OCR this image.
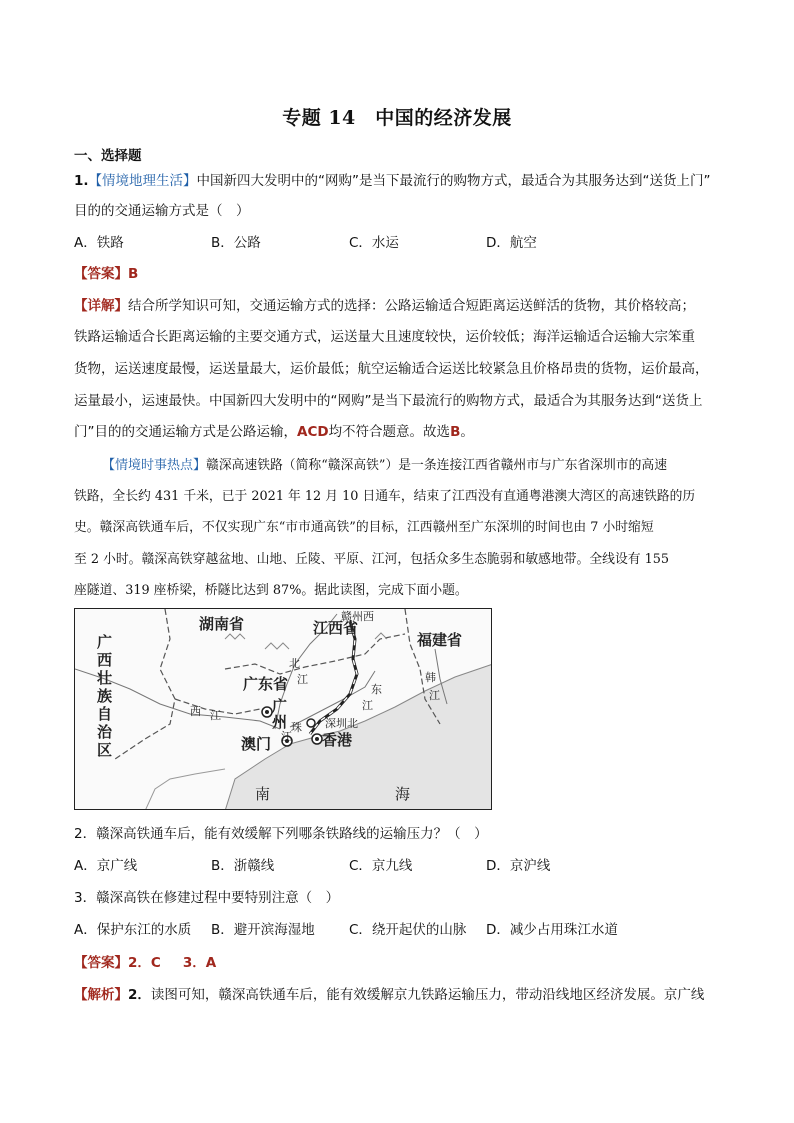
专题 14　中国的经济发展
一、选择题
1.【情境地理生活】中国新四大发明中的“网购”是当下最流行的购物方式，最适合为其服务达到“送货上门”
目的的交通运输方式是（　）
A．铁路	B．公路	C．水运	D．航空
【答案】B
【详解】结合所学知识可知，交通运输方式的选择：公路运输适合短距离运送鲜活的货物，其价格较高；
铁路运输适合长距离运输的主要交通方式，运送量大且速度较快，运价较低；海洋运输适合运输大宗笨重
货物，运送速度最慢，运送量最大，运价最低；航空运输适合运送比较紧急且价格昂贵的货物，运价最高，
运量最小，运速最快。中国新四大发明中的“网购”是当下最流行的购物方式，最适合为其服务达到“送货上
门”目的的交通运输方式是公路运输，ACD均不符合题意。故选B。
【情境时事热点】赣深高速铁路（简称“赣深高铁”）是一条连接江西省赣州市与广东省深圳市的高速
铁路，全长约 431 千米，已于 2021 年 12 月 10 日通车，结束了江西没有直通粤港澳大湾区的高速铁路的历
史。赣深高铁通车后，不仅实现广东“市市通高铁”的目标，江西赣州至广东深圳的时间也由 7 小时缩短
至 2 小时。赣深高铁穿越盆地、山地、丘陵、平原、江河，包括众多生态脆弱和敏感地带。全线设有 155
座隧道、319 座桥梁，桥隧比达到 87%。据此读图，完成下面小题。
湖南省	江西省
福建省
广东省
赣州西
广
西
壮
族
自
治
区
广
州	深圳北
澳门	香港
南	海
北
江
东
江
珠
江
西 江
韩
江
2．赣深高铁通车后，能有效缓解下列哪条铁路线的运输压力？（　）
A．京广线	B．浙赣线	C．京九线	D．京沪线
3．赣深高铁在修建过程中要特别注意（　）
A．保护东江的水质 B．避开滨海湿地	C．绕开起伏的山脉 D．减少占用珠江水道
【答案】2．C 3．A
【解析】2．读图可知，赣深高铁通车后，能有效缓解京九铁路运输压力，带动沿线地区经济发展。京广线
